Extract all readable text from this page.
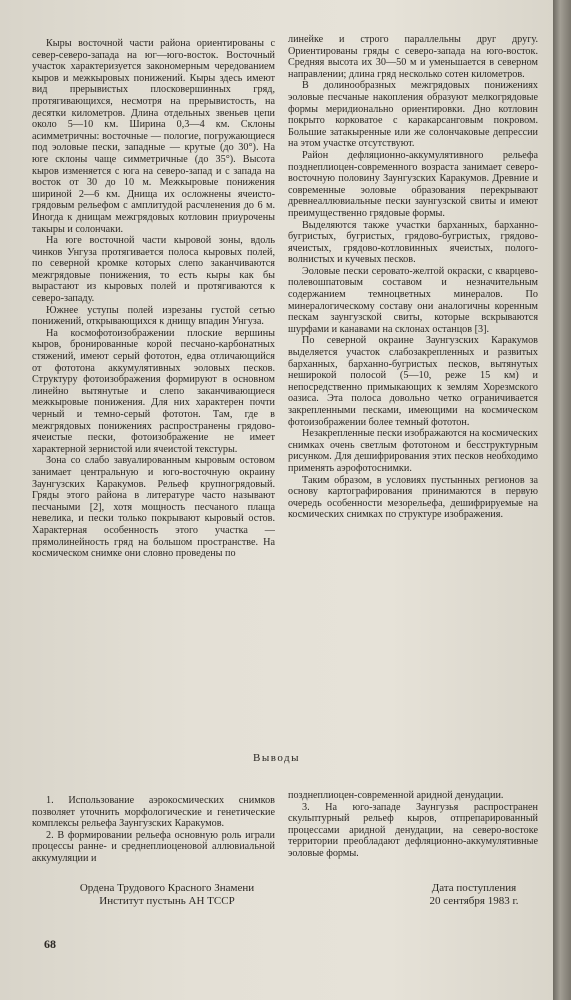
Кыры восточной части района ориентированы с север-северо-запада на юг—юго-восток. Восточный участок характеризуется закономерным чередованием кыров и межкыровых понижений. Кыры здесь имеют вид прерывистых плосковершинных гряд, протягивающихся, несмотря на прерывистость, на десятки километров. Длина отдельных звеньев цепи около 5—10 км. Ширина 0,3—4 км. Склоны асимметричны: восточные — пологие, погружающиеся под эоловые пески, западные — крутые (до 30°). На юге склоны чаще симметричные (до 35°). Высота кыров изменяется с юга на северо-запад и с запада на восток от 30 до 10 м. Межкыровые понижения шириной 2—6 км. Днища их осложнены ячеисто-грядовым рельефом с амплитудой расчленения до 6 м. Иногда к днищам межгрядовых котловин приурочены такыры и солончаки.

На юге восточной части кыровой зоны, вдоль чинков Унгуза протягивается полоса кыровых полей, по северной кромке которых слепо заканчиваются межгрядовые понижения, то есть кыры как бы вырастают из кыровых полей и протягиваются к северо-западу.

Южнее уступы полей изрезаны густой сетью понижений, открывающихся к днищу впадин Унгуза.

На космофотоизображении плоские вершины кыров, бронированные корой песчано-карбонатных стяжений, имеют серый фототон, едва отличающийся от фототона аккумулятивных эоловых песков. Структуру фотоизображения формируют в основном линейно вытянутые и слепо заканчивающиеся межкыровые понижения. Для них характерен почти черный и темно-серый фототон. Там, где в межгрядовых понижениях распространены грядово-ячеистые пески, фотоизображение не имеет характерной зернистой или ячеистой текстуры.

Зона со слабо завуалированным кыровым остовом занимает центральную и юго-восточную окраину Заунгузских Каракумов. Рельеф крупногрядовый. Гряды этого района в литературе часто называют песчаными [2], хотя мощность песчаного плаща невелика, и пески только покрывают кыровый остов. Характерная особенность этого участка — прямолинейность гряд на большом пространстве. На космическом снимке они словно проведены по

линейке и строго параллельны друг другу. Ориентированы гряды с северо-запада на юго-восток. Средняя высота их 30—50 м и уменьшается в северном направлении; длина гряд несколько сотен километров.

В долинообразных межгрядовых понижениях эоловые песчаные накопления образуют мелкогрядовые формы меридионально ориентировки. Дно котловин покрыто корковатое с каракарсанговым покровом. Большие затакыренные или же солончаковые депрессии на этом участке отсутствуют.

Район дефляционно-аккумулятивного рельефа позднеплиоцен-современного возраста занимает северо-восточную половину Заунгузских Каракумов. Древние и современные эоловые образования перекрывают древнеаллювиальные пески заунгузской свиты и имеют преимущественно грядовые формы.

Выделяются также участки барханных, барханно-бугристых, бугристых, грядово-бугристых, грядово-ячеистых, грядово-котловинных ячеистых, полого-волнистых и кучевых песков.

Эоловые пески серовато-желтой окраски, с кварцево-полевошпатовым составом и незначительным содержанием темноцветных минералов. По минералогическому составу они аналогичны коренным пескам заунгузской свиты, которые вскрываются шурфами и канавами на склонах останцов [3].

По северной окраине Заунгузских Каракумов выделяется участок слабозакрепленных и развитых барханных, барханно-бугристых песков, вытянутых неширокой полосой (5—10, реже 15 км) и непосредственно примыкающих к землям Хорезмского оазиса. Эта полоса довольно четко ограничивается закрепленными песками, имеющими на космическом фотоизображении более темный фототон.

Незакрепленные пески изображаются на космических снимках очень светлым фототоном и бесструктурным рисунком. Для дешифрирования этих песков необходимо применять аэрофотоснимки.

Таким образом, в условиях пустынных регионов за основу картографирования принимаются в первую очередь особенности мезорельефа, дешифрируемые на космических снимках по структуре изображения.

Выводы

1. Использование аэрокосмических снимков позволяет уточнить морфологические и генетические комплексы рельефа Заунгузских Каракумов.

2. В формировании рельефа основную роль играли процессы ранне- и среднеплиоценовой аллювиальной аккумуляции и

позднеплиоцен-современной аридной денудации.

3. На юго-западе Заунгузья распространен скульптурный рельеф кыров, отпрепарированный процессами аридной денудации, на северо-востоке территории преобладают дефляционно-аккумулятивные эоловые формы.

Ордена Трудового Красного Знамени
Институт пустынь АН ТССР
Дата поступления
20 сентября 1983 г.
68
